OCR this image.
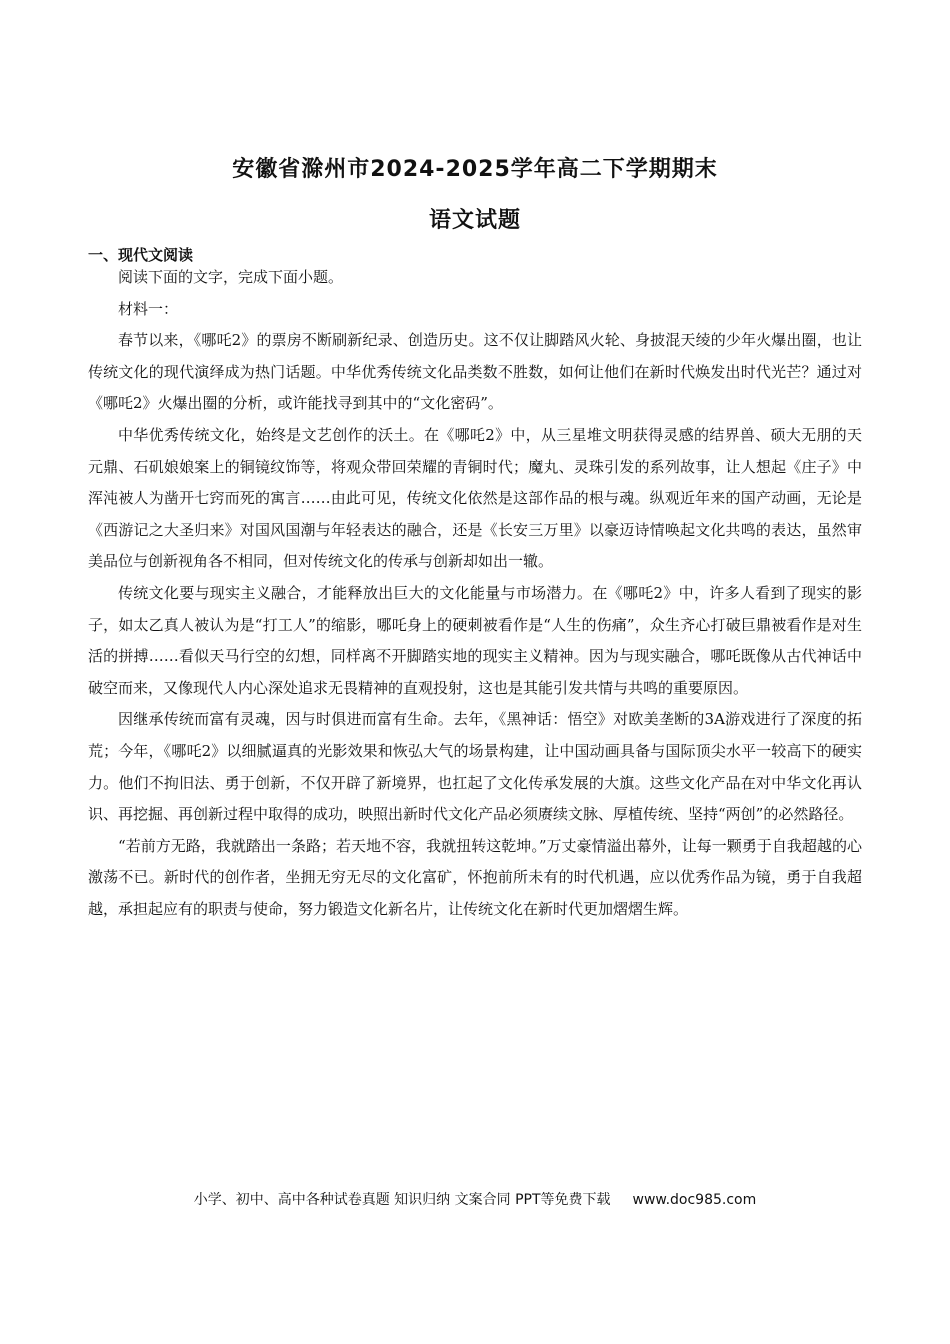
安徽省滁州市2024-2025学年高二下学期期末
语文试题
一、现代文阅读

阅读下面的文字，完成下面小题。

材料一：

春节以来，《哪吒2》的票房不断刷新纪录、创造历史。这不仅让脚踏风火轮、身披混天绫的少年火爆出圈，也让传统文化的现代演绎成为热门话题。中华优秀传统文化品类数不胜数，如何让他们在新时代焕发出时代光芒？通过对《哪吒2》火爆出圈的分析，或许能找寻到其中的“文化密码”。

中华优秀传统文化，始终是文艺创作的沃土。在《哪吒2》中，从三星堆文明获得灵感的结界兽、硕大无朋的天元鼎、石矶娘娘案上的铜镜纹饰等，将观众带回荣耀的青铜时代；魔丸、灵珠引发的系列故事，让人想起《庄子》中浑沌被人为凿开七窍而死的寓言……由此可见，传统文化依然是这部作品的根与魂。纵观近年来的国产动画，无论是《西游记之大圣归来》对国风国潮与年轻表达的融合，还是《长安三万里》以豪迈诗情唤起文化共鸣的表达，虽然审美品位与创新视角各不相同，但对传统文化的传承与创新却如出一辙。

传统文化要与现实主义融合，才能释放出巨大的文化能量与市场潜力。在《哪吒2》中，许多人看到了现实的影子，如太乙真人被认为是“打工人”的缩影，哪吒身上的硬刺被看作是“人生的伤痛”，众生齐心打破巨鼎被看作是对生活的拼搏……看似天马行空的幻想，同样离不开脚踏实地的现实主义精神。因为与现实融合，哪吒既像从古代神话中破空而来，又像现代人内心深处追求无畏精神的直观投射，这也是其能引发共情与共鸣的重要原因。

因继承传统而富有灵魂，因与时俱进而富有生命。去年，《黑神话：悟空》对欧美垄断的3A游戏进行了深度的拓荒；今年，《哪吒2》以细腻逼真的光影效果和恢弘大气的场景构建，让中国动画具备与国际顶尖水平一较高下的硬实力。他们不拘旧法、勇于创新，不仅开辟了新境界，也扛起了文化传承发展的大旗。这些文化产品在对中华文化再认识、再挖掘、再创新过程中取得的成功，映照出新时代文化产品必须赓续文脉、厚植传统、坚持“两创”的必然路径。

“若前方无路，我就踏出一条路；若天地不容，我就扭转这乾坤。”万丈豪情溢出幕外，让每一颗勇于自我超越的心激荡不已。新时代的创作者，坐拥无穷无尽的文化富矿，怀抱前所未有的时代机遇，应以优秀作品为镜，勇于自我超越，承担起应有的职责与使命，努力锻造文化新名片，让传统文化在新时代更加熠熠生辉。

小学、初中、高中各种试卷真题 知识归纳 文案合同 PPT等免费下载 www.doc985.com
